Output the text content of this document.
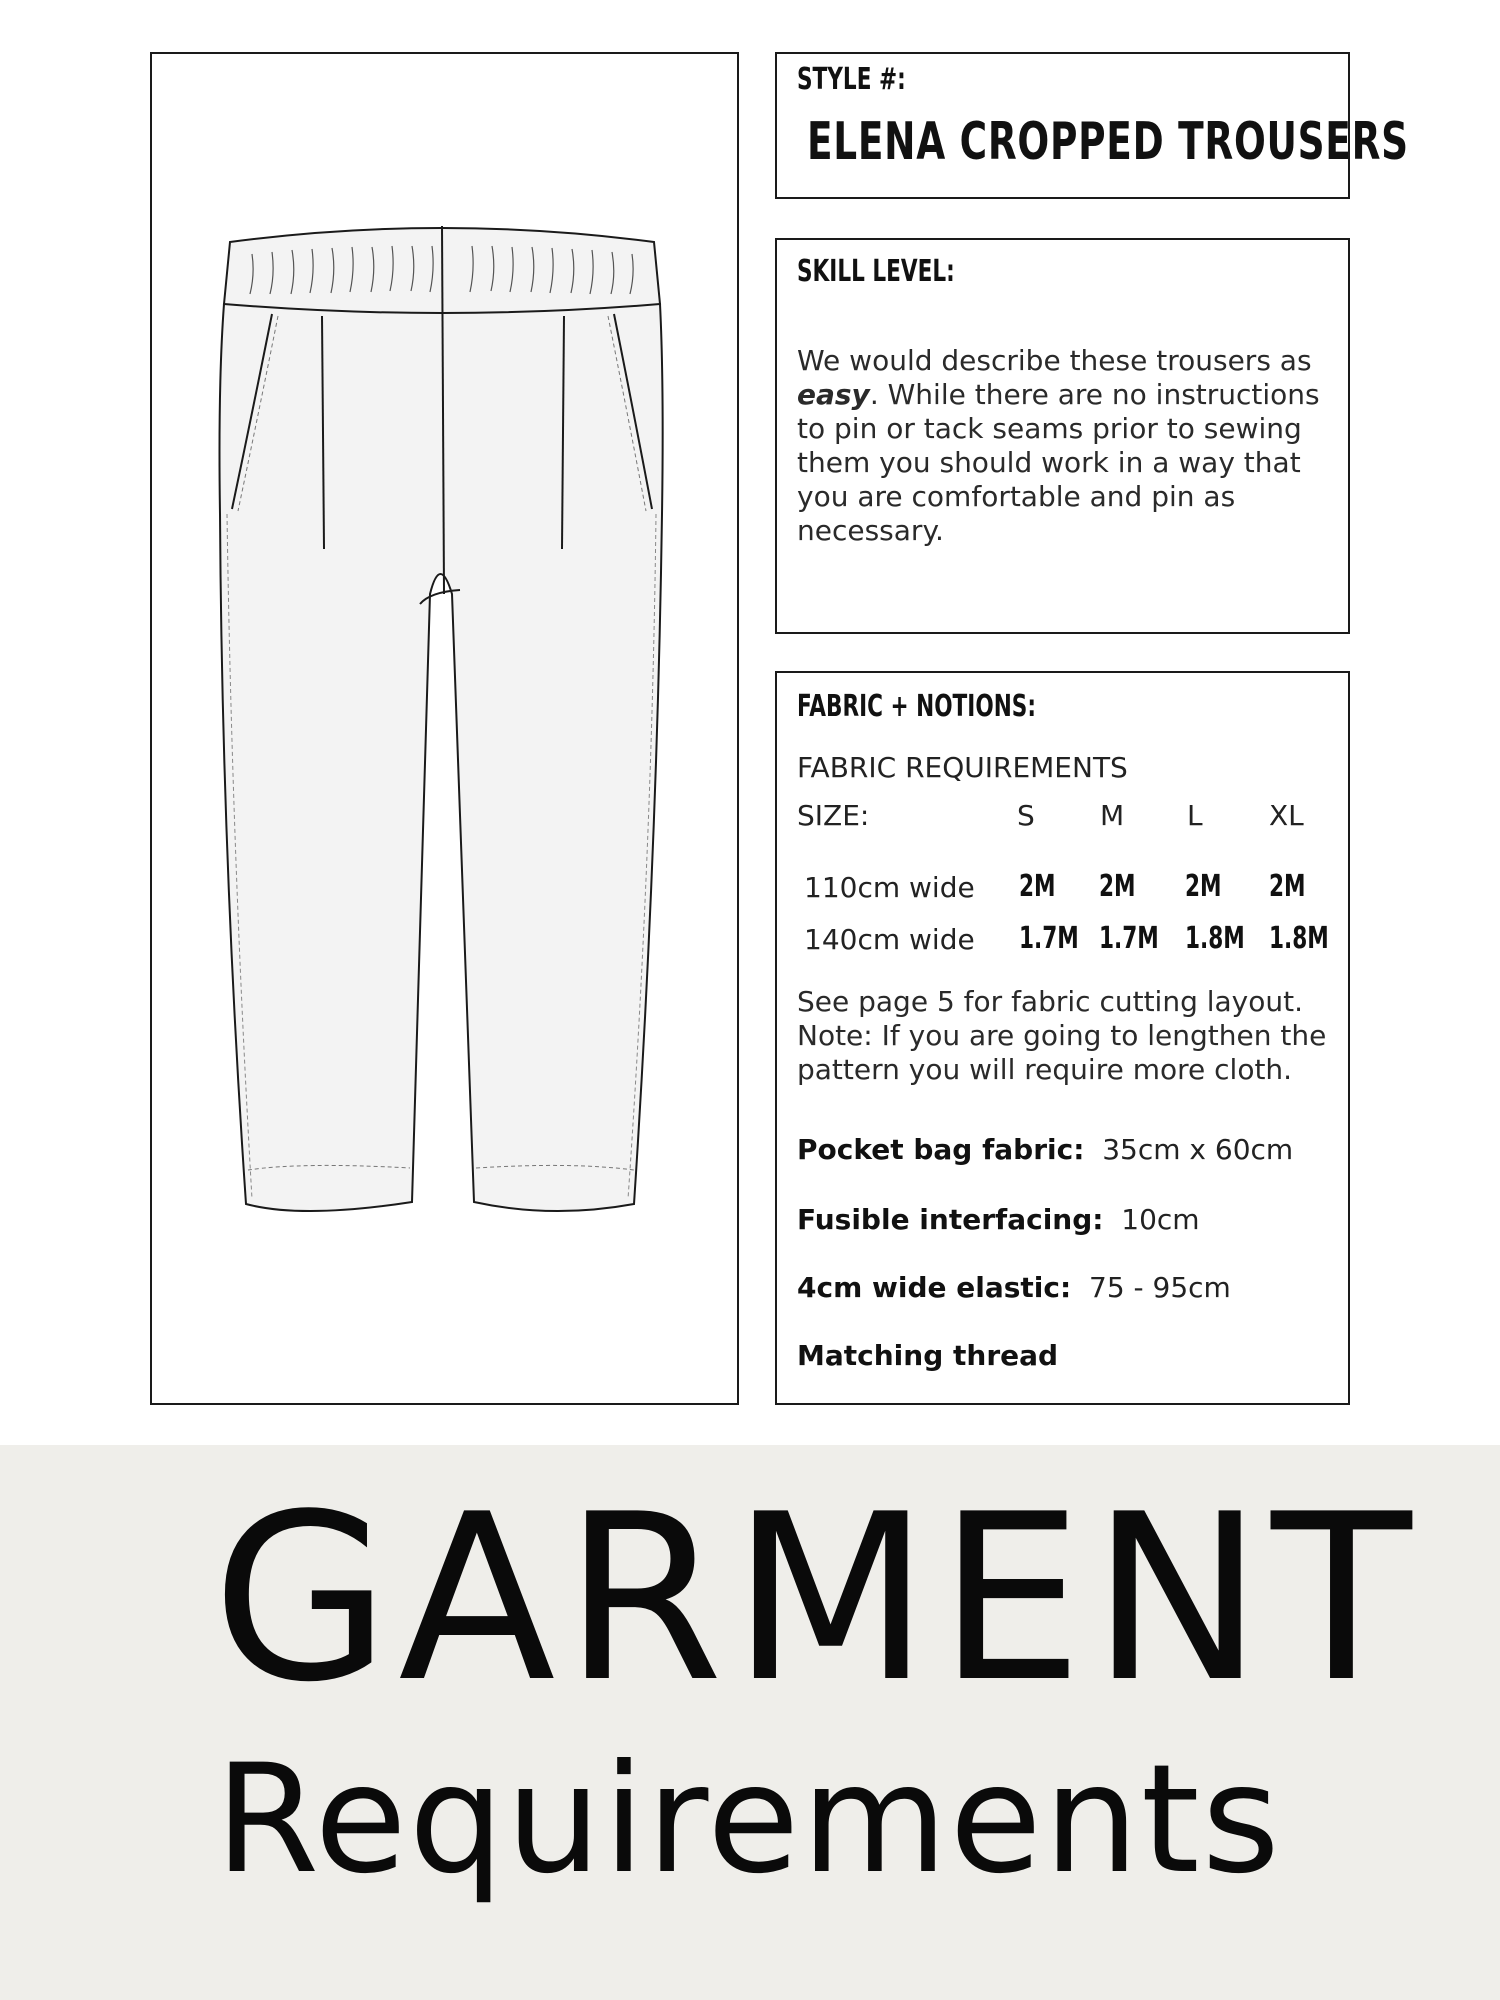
STYLE #:
ELENA CROPPED TROUSERS
SKILL LEVEL:
We would describe these trousers as easy. While there are no instructions to pin or tack seams prior to sewing them you should work in a way that you are comfortable and pin as necessary.
FABRIC + NOTIONS:
FABRIC REQUIREMENTS
SIZE:	S M L XL
110cm wide 2M 2M 2M 2M
140cm wide 1.7M 1.7M 1.8M 1.8M
See page 5 for fabric cutting layout. Note: If you are going to lengthen the pattern you will require more cloth.
Pocket bag fabric: 35cm x 60cm
Fusible interfacing: 10cm
4cm wide elastic: 75 - 95cm
Matching thread
GARMENT
Requirements
